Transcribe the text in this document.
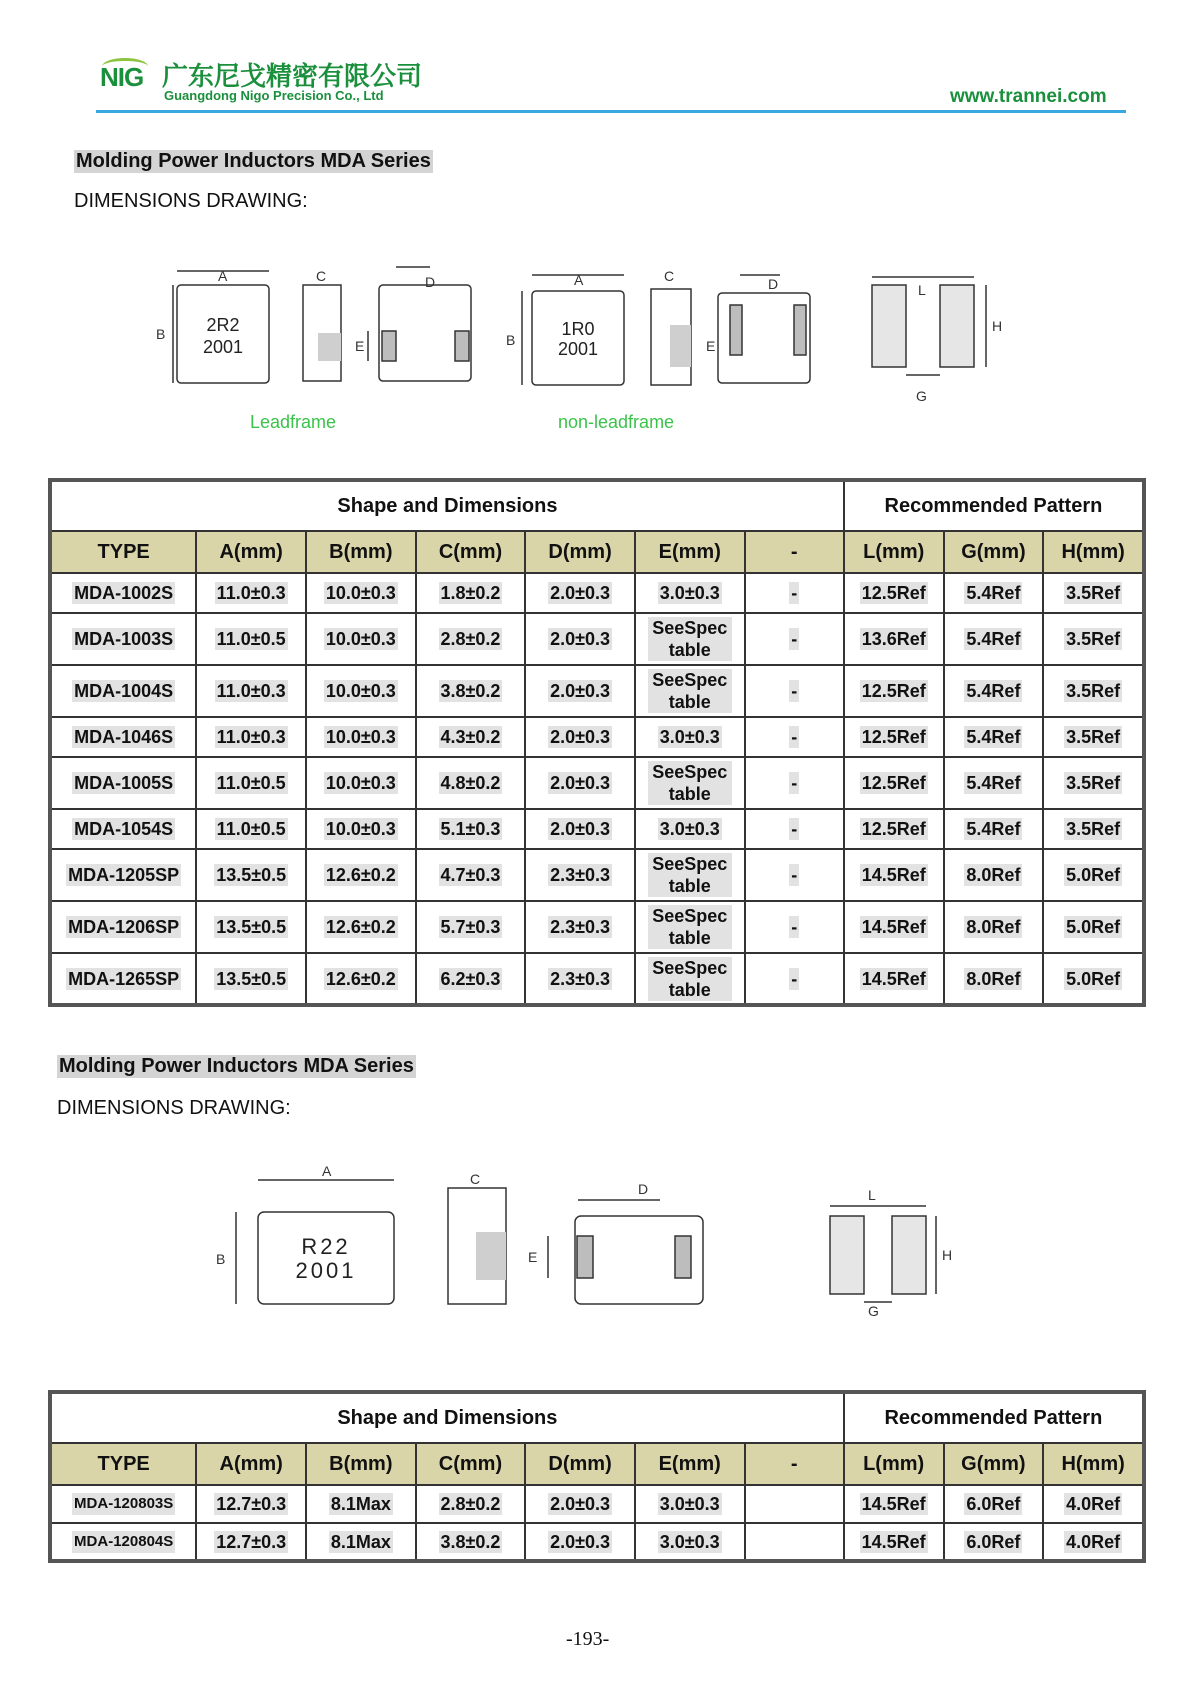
NIG 广东尼戈精密有限公司
Guangdong Nigo Precision Co., Ltd	www.trannei.com
Molding Power Inductors MDA Series
DIMENSIONS DRAWING:
A
B
C	D
E
A
B
C	D
E
L
G
H
2R2
2001
1R0
2001
Leadframe	non-leadframe
Shape and Dimensions							Recommended Pattern		
TYPE	A(mm)	B(mm)	C(mm)	D(mm)	E(mm)	-	L(mm)	G(mm)	H(mm)
MDA-1002S	11.0±0.3	10.0±0.3	1.8±0.2	2.0±0.3	3.0±0.3	-	12.5Ref	5.4Ref	3.5Ref
MDA-1003S	11.0±0.5	10.0±0.3	2.8±0.2	2.0±0.3	SeeSpec table	-	13.6Ref	5.4Ref	3.5Ref
MDA-1004S	11.0±0.3	10.0±0.3	3.8±0.2	2.0±0.3	SeeSpec table	-	12.5Ref	5.4Ref	3.5Ref
MDA-1046S	11.0±0.3	10.0±0.3	4.3±0.2	2.0±0.3	3.0±0.3	-	12.5Ref	5.4Ref	3.5Ref
MDA-1005S	11.0±0.5	10.0±0.3	4.8±0.2	2.0±0.3	SeeSpec table	-	12.5Ref	5.4Ref	3.5Ref
MDA-1054S	11.0±0.5	10.0±0.3	5.1±0.3	2.0±0.3	3.0±0.3	-	12.5Ref	5.4Ref	3.5Ref
MDA-1205SP	13.5±0.5	12.6±0.2	4.7±0.3	2.3±0.3	SeeSpec table	-	14.5Ref	8.0Ref	5.0Ref
MDA-1206SP	13.5±0.5	12.6±0.2	5.7±0.3	2.3±0.3	SeeSpec table	-	14.5Ref	8.0Ref	5.0Ref
MDA-1265SP	13.5±0.5	12.6±0.2	6.2±0.3	2.3±0.3	SeeSpec table	-	14.5Ref	8.0Ref	5.0Ref
Molding Power Inductors MDA Series
DIMENSIONS DRAWING:
A
B
C
D
E
L
G
H
R22
2001
Shape and Dimensions							Recommended Pattern		
TYPE	A(mm)	B(mm)	C(mm)	D(mm)	E(mm)	-	L(mm)	G(mm)	H(mm)
MDA-120803S	12.7±0.3	8.1Max	2.8±0.2	2.0±0.3	3.0±0.3		14.5Ref	6.0Ref	4.0Ref
MDA-120804S	12.7±0.3	8.1Max	3.8±0.2	2.0±0.3	3.0±0.3		14.5Ref	6.0Ref	4.0Ref
-193-
